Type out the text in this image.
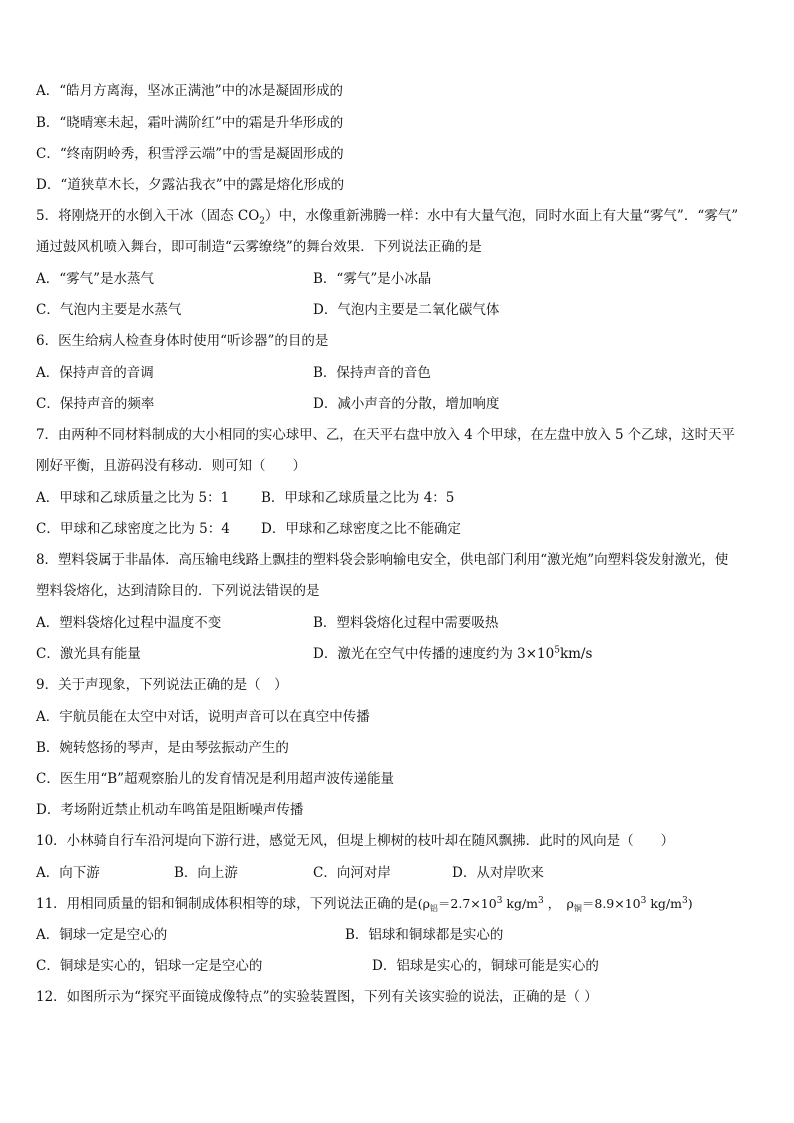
A．“皓月方离海，坚冰正满池”中的冰是凝固形成的
B．“晓晴寒未起，霜叶满阶红”中的霜是升华形成的
C．“终南阴岭秀，积雪浮云端”中的雪是凝固形成的
D．“道狭草木长，夕露沾我衣”中的露是熔化形成的
5．将刚烧开的水倒入干冰（固态 $CO_2$）中，水像重新沸腾一样：水中有大量气泡，同时水面上有大量“雾气”．“雾气”
通过鼓风机喷入舞台，即可制造“云雾缭绕”的舞台效果．下列说法正确的是
A．“雾气”是水蒸气	B．“雾气”是小冰晶
C．气泡内主要是水蒸气	D．气泡内主要是二氧化碳气体
6．医生给病人检查身体时使用“听诊器”的目的是
A．保持声音的音调	B．保持声音的音色
C．保持声音的频率	D．减小声音的分散，增加响度
7．由两种不同材料制成的大小相同的实心球甲、乙，在天平右盘中放入 4 个甲球，在左盘中放入 5 个乙球，这时天平
刚好平衡，且游码没有移动．则可知（　　）
A．甲球和乙球质量之比为 5：1 B．甲球和乙球质量之比为 4：5
C．甲球和乙球密度之比为 5：4 D．甲球和乙球密度之比不能确定
8．塑料袋属于非晶体．高压输电线路上飘挂的塑料袋会影响输电安全，供电部门利用“激光炮”向塑料袋发射激光，使
塑料袋熔化，达到清除目的．下列说法错误的是
A．塑料袋熔化过程中温度不变	B．塑料袋熔化过程中需要吸热
C．激光具有能量	D．激光在空气中传播的速度约为 $3\times 10^5km/s$
9．关于声现象，下列说法正确的是（　）
A．宇航员能在太空中对话，说明声音可以在真空中传播
B．婉转悠扬的琴声，是由琴弦振动产生的
C．医生用“B”超观察胎儿的发育情况是利用超声波传递能量
D．考场附近禁止机动车鸣笛是阻断噪声传播
10．小林骑自行车沿河堤向下游行进，感觉无风，但堤上柳树的枝叶却在随风飘拂．此时的风向是（　　）
A．向下游	B．向上游	C．向河对岸	D．从对岸吹来
11．用相同质量的铝和铜制成体积相等的球，下列说法正确的是($\rho_铝=2.7\times 10^3$ $kg/m^3$ ，　$\rho_铜=8.9\times 10^3$ $kg/m^3$)
A．铜球一定是空心的	B．铝球和铜球都是实心的
C．铜球是实心的，铝球一定是空心的	D．铝球是实心的，铜球可能是实心的
12．如图所示为“探究平面镜成像特点”的实验装置图，下列有关该实验的说法，正确的是（ ）
